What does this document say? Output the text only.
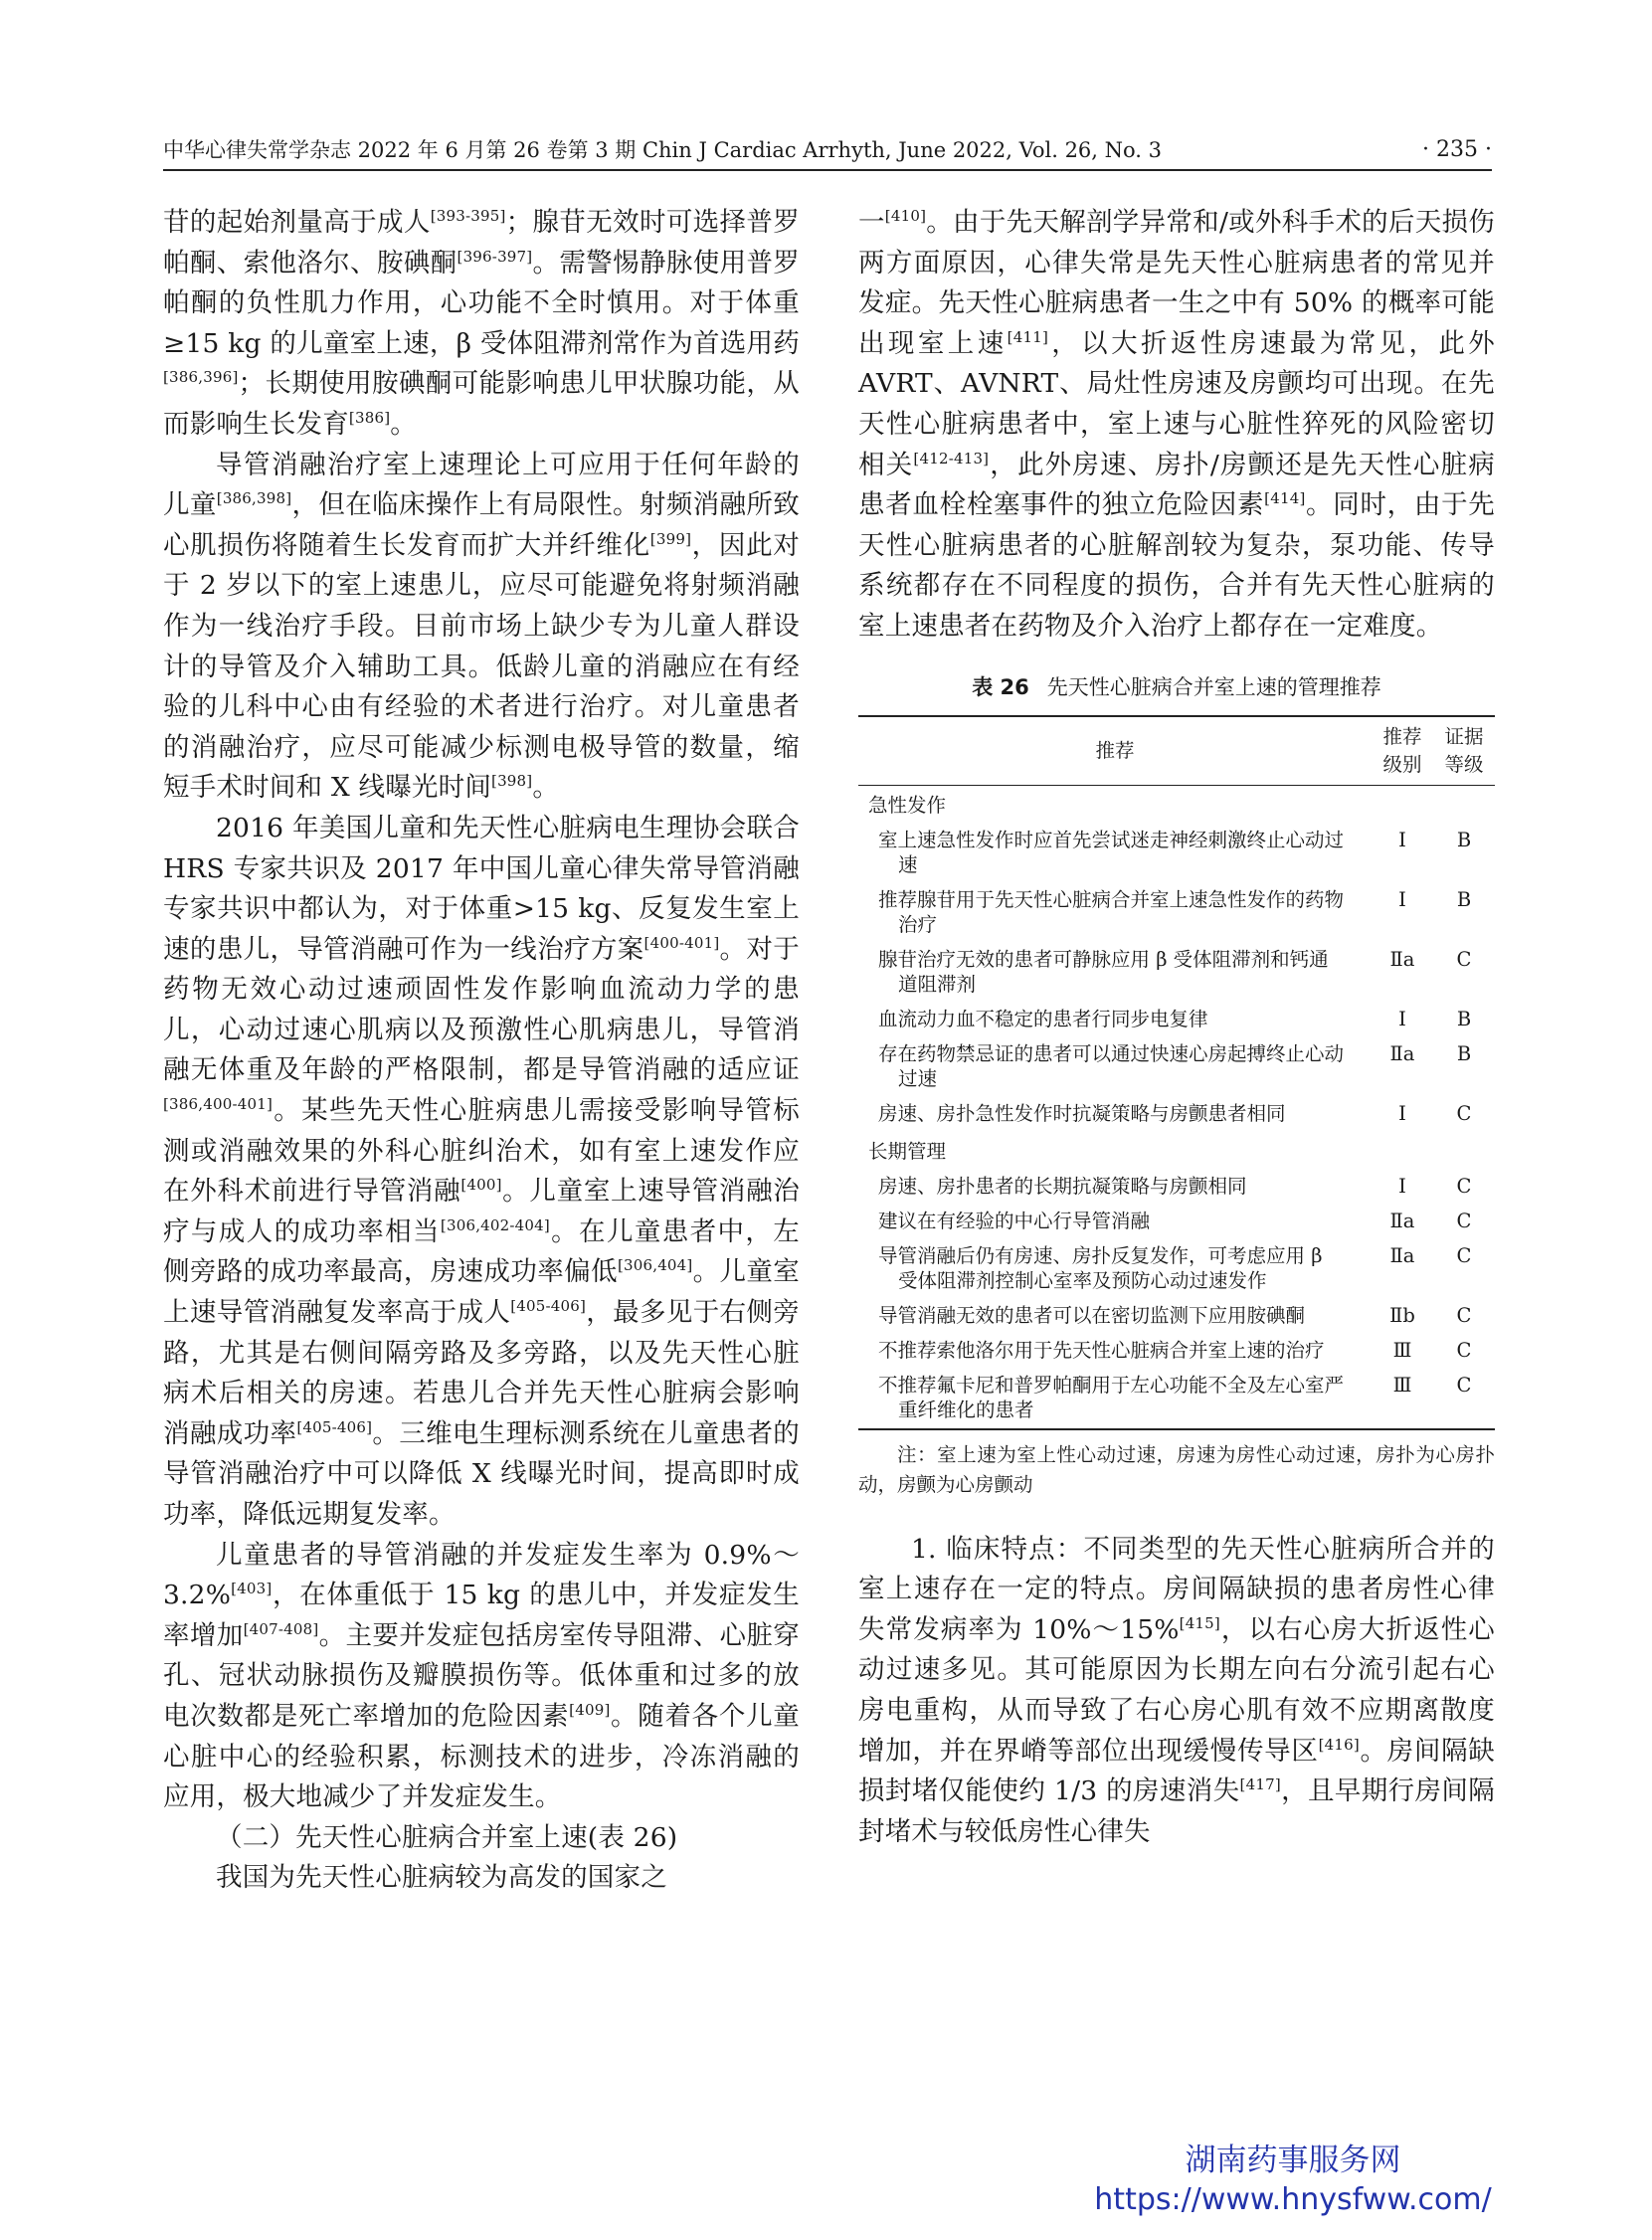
中华心律失常学杂志 2022 年 6 月第 26 卷第 3 期 Chin J Cardiac Arrhyth, June 2022, Vol. 26, No. 3	· 235 ·

苷的起始剂量高于成人[393-395]；腺苷无效时可选择普罗帕酮、索他洛尔、胺碘酮[396-397]。需警惕静脉使用普罗帕酮的负性肌力作用，心功能不全时慎用。对于体重≥15 kg 的儿童室上速，β 受体阻滞剂常作为首选用药[386,396]；长期使用胺碘酮可能影响患儿甲状腺功能，从而影响生长发育[386]。

导管消融治疗室上速理论上可应用于任何年龄的儿童[386,398]，但在临床操作上有局限性。射频消融所致心肌损伤将随着生长发育而扩大并纤维化[399]，因此对于 2 岁以下的室上速患儿，应尽可能避免将射频消融作为一线治疗手段。目前市场上缺少专为儿童人群设计的导管及介入辅助工具。低龄儿童的消融应在有经验的儿科中心由有经验的术者进行治疗。对儿童患者的消融治疗，应尽可能减少标测电极导管的数量，缩短手术时间和 X 线曝光时间[398]。

2016 年美国儿童和先天性心脏病电生理协会联合 HRS 专家共识及 2017 年中国儿童心律失常导管消融专家共识中都认为，对于体重>15 kg、反复发生室上速的患儿，导管消融可作为一线治疗方案[400-401]。对于药物无效心动过速顽固性发作影响血流动力学的患儿，心动过速心肌病以及预激性心肌病患儿，导管消融无体重及年龄的严格限制，都是导管消融的适应证[386,400-401]。某些先天性心脏病患儿需接受影响导管标测或消融效果的外科心脏纠治术，如有室上速发作应在外科术前进行导管消融[400]。儿童室上速导管消融治疗与成人的成功率相当[306,402-404]。在儿童患者中，左侧旁路的成功率最高，房速成功率偏低[306,404]。儿童室上速导管消融复发率高于成人[405-406]，最多见于右侧旁路，尤其是右侧间隔旁路及多旁路，以及先天性心脏病术后相关的房速。若患儿合并先天性心脏病会影响消融成功率[405-406]。三维电生理标测系统在儿童患者的导管消融治疗中可以降低 X 线曝光时间，提高即时成功率，降低远期复发率。

儿童患者的导管消融的并发症发生率为 0.9%～3.2%[403]，在体重低于 15 kg 的患儿中，并发症发生率增加[407-408]。主要并发症包括房室传导阻滞、心脏穿孔、冠状动脉损伤及瓣膜损伤等。低体重和过多的放电次数都是死亡率增加的危险因素[409]。随着各个儿童心脏中心的经验积累，标测技术的进步，冷冻消融的应用，极大地减少了并发症发生。

（二）先天性心脏病合并室上速(表 26)

我国为先天性心脏病较为高发的国家之

一[410]。由于先天解剖学异常和/或外科手术的后天损伤两方面原因，心律失常是先天性心脏病患者的常见并发症。先天性心脏病患者一生之中有 50% 的概率可能出现室上速[411]，以大折返性房速最为常见，此外 AVRT、AVNRT、局灶性房速及房颤均可出现。在先天性心脏病患者中，室上速与心脏性猝死的风险密切相关[412-413]，此外房速、房扑/房颤还是先天性心脏病患者血栓栓塞事件的独立危险因素[414]。同时，由于先天性心脏病患者的心脏解剖较为复杂，泵功能、传导系统都存在不同程度的损伤，合并有先天性心脏病的室上速患者在药物及介入治疗上都存在一定难度。

表 26 先天性心脏病合并室上速的管理推荐
推荐	推荐级别	证据等级
急性发作		
室上速急性发作时应首先尝试迷走神经刺激终止心动过速	Ⅰ	B
推荐腺苷用于先天性心脏病合并室上速急性发作的药物治疗	Ⅰ	B
腺苷治疗无效的患者可静脉应用 β 受体阻滞剂和钙通道阻滞剂	Ⅱa	C
血流动力血不稳定的患者行同步电复律	Ⅰ	B
存在药物禁忌证的患者可以通过快速心房起搏终止心动过速	Ⅱa	B
房速、房扑急性发作时抗凝策略与房颤患者相同	Ⅰ	C
长期管理		
房速、房扑患者的长期抗凝策略与房颤相同	Ⅰ	C
建议在有经验的中心行导管消融	Ⅱa	C
导管消融后仍有房速、房扑反复发作，可考虑应用 β 受体阻滞剂控制心室率及预防心动过速发作	Ⅱa	C
导管消融无效的患者可以在密切监测下应用胺碘酮	Ⅱb	C
不推荐索他洛尔用于先天性心脏病合并室上速的治疗	Ⅲ	C
不推荐氟卡尼和普罗帕酮用于左心功能不全及左心室严重纤维化的患者	Ⅲ	C

注：室上速为室上性心动过速，房速为房性心动过速，房扑为心房扑动，房颤为心房颤动

1. 临床特点：不同类型的先天性心脏病所合并的室上速存在一定的特点。房间隔缺损的患者房性心律失常发病率为 10%～15%[415]，以右心房大折返性心动过速多见。其可能原因为长期左向右分流引起右心房电重构，从而导致了右心房心肌有效不应期离散度增加，并在界嵴等部位出现缓慢传导区[416]。房间隔缺损封堵仅能使约 1/3 的房速消失[417]，且早期行房间隔封堵术与较低房性心律失

湖南药事服务网
https://www.hnysfww.com/
